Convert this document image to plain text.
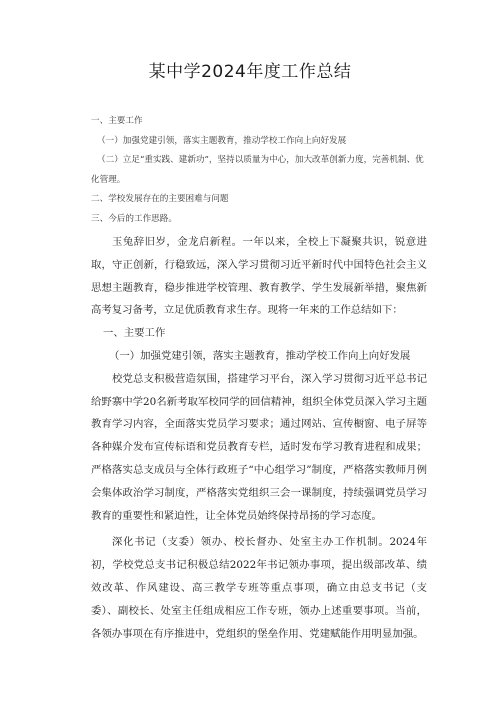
某中学2024年度工作总结

一、主要工作

（一）加强党建引领，落实主题教育，推动学校工作向上向好发展

（二）立足“重实践、建新功”，坚持以质量为中心，加大改革创新力度，完善机制、优化管理。

二、学校发展存在的主要困难与问题

三、今后的工作思路。

玉兔辞旧岁，金龙启新程。一年以来，全校上下凝聚共识，锐意进取，守正创新，行稳致远，深入学习贯彻习近平新时代中国特色社会主义思想主题教育，稳步推进学校管理、教育教学、学生发展新举措，聚焦新高考复习备考，立足优质教育求生存。现将一年来的工作总结如下：

一、主要工作

（一）加强党建引领，落实主题教育，推动学校工作向上向好发展

校党总支积极营造氛围，搭建学习平台，深入学习贯彻习近平总书记给野寨中学20名新考取军校同学的回信精神，组织全体党员深入学习主题教育学习内容，全面落实党员学习要求；通过网站、宣传橱窗、电子屏等各种媒介发布宣传标语和党员教育专栏，适时发布学习教育进程和成果；严格落实总支成员与全体行政班子“中心组学习”制度，严格落实教师月例会集体政治学习制度，严格落实党组织三会一课制度，持续强调党员学习教育的重要性和紧迫性，让全体党员始终保持昂扬的学习态度。

深化书记（支委）领办、校长督办、处室主办工作机制。2024年初，学校党总支书记积极总结2022年书记领办事项，提出级部改革、绩效改革、作风建设、高三教学专班等重点事项，确立由总支书记（支委）、副校长、处室主任组成相应工作专班，领办上述重要事项。当前，各领办事项在有序推进中，党组织的堡垒作用、党建赋能作用明显加强。
